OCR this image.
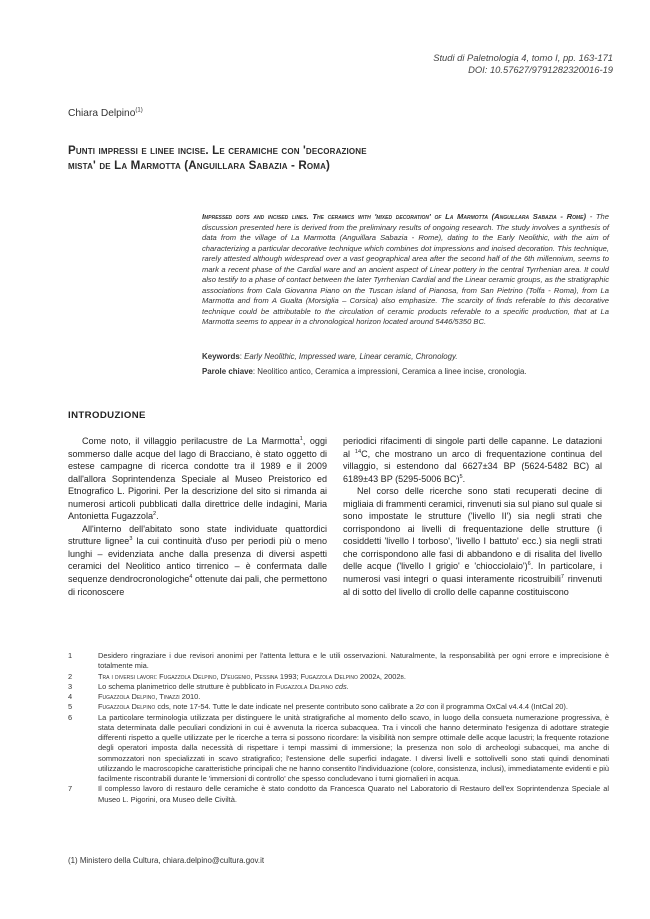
Studi di Paletnologia 4, tomo I, pp. 163-171
DOI: 10.57627/9791282320016-19
Chiara Delpino$^{(1)}$
Punti impressi e linee incise. Le ceramiche con 'decorazione
mista' de La Marmotta (Anguillara Sabazia - Roma)
Impressed dots and incised lines. The ceramics with 'mixed decoration' of La Marmotta (Anguillara Sabazia - Rome) - The discussion presented here is derived from the preliminary results of ongoing research. The study involves a synthesis of data from the village of La Marmotta (Anguillara Sabazia - Rome), dating to the Early Neolithic, with the aim of characterizing a particular decorative technique which combines dot impressions and incised decoration. This technique, rarely attested although widespread over a vast geographical area after the second half of the 6th millennium, seems to mark a recent phase of the Cardial ware and an ancient aspect of Linear pottery in the central Tyrrhenian area. It could also testify to a phase of contact between the later Tyrrhenian Cardial and the Linear ceramic groups, as the stratigraphic associations from Cala Giovanna Piano on the Tuscan island of Pianosa, from San Pietrino (Tolfa - Roma), from La Marmotta and from A Gualta (Morsiglia – Corsica) also emphasize. The scarcity of finds referable to this decorative technique could be attributable to the circulation of ceramic products referable to a specific production, that at La Marmotta seems to appear in a chronological horizon located around 5446/5350 BC.
Keywords: Early Neolithic, Impressed ware, Linear ceramic, Chronology.
Parole chiave: Neolitico antico, Ceramica a impressioni, Ceramica a linee incise, cronologia.
INTRODUZIONE

Come noto, il villaggio perilacustre de La Marmotta$^1$, oggi sommerso dalle acque del lago di Bracciano, è stato oggetto di estese campagne di ricerca condotte tra il 1989 e il 2009 dall'allora Soprintendenza Speciale al Museo Preistorico ed Etnografico L. Pigorini. Per la descrizione del sito si rimanda ai numerosi articoli pubblicati dalla direttrice delle indagini, Maria Antonietta Fugazzola$^2$.

All'interno dell'abitato sono state individuate quattordici strutture lignee$^3$ la cui continuità d'uso per periodi più o meno lunghi – evidenziata anche dalla presenza di diversi aspetti ceramici del Neolitico antico tirrenico – è confermata dalle sequenze dendrocronologiche$^4$ ottenute dai pali, che permettono di riconoscere

periodici rifacimenti di singole parti delle capanne. Le datazioni al $^{14}$C, che mostrano un arco di frequentazione continua del villaggio, si estendono dal 6627±34 BP (5624-5482 BC) al 6189±43 BP (5295-5006 BC)$^5$.

Nel corso delle ricerche sono stati recuperati decine di migliaia di frammenti ceramici, rinvenuti sia sul piano sul quale si sono impostate le strutture ('livello II') sia negli strati che corrispondono ai livelli di frequentazione delle strutture (i cosiddetti 'livello I torboso', 'livello I battuto' ecc.) sia negli strati che corrispondono alle fasi di abbandono e di risalita del livello delle acque ('livello I grigio' e 'chiocciolaio')$^6$. In particolare, i numerosi vasi integri o quasi interamente ricostruibili$^7$ rinvenuti al di sotto del livello di crollo delle capanne costituiscono

1	Desidero ringraziare i due revisori anonimi per l'attenta lettura e le utili osservazioni. Naturalmente, la responsabilità per ogni errore e imprecisione è totalmente mia.
2	Tra i diversi lavori: Fugazzola Delpino, D'eugenio, Pessina 1993; Fugazzola Delpino 2002a, 2002b.
3	Lo schema planimetrico delle strutture è pubblicato in Fugazzola Delpino cds.
4	Fugazzola Delpino, Tinazzi 2010.
5	Fugazzola Delpino cds, note 17-54. Tutte le date indicate nel presente contributo sono calibrate a 2σ con il programma OxCal v4.4.4 (IntCal 20).
6	La particolare terminologia utilizzata per distinguere le unità stratigrafiche al momento dello scavo, in luogo della consueta numerazione progressiva, è stata determinata dalle peculiari condizioni in cui è avvenuta la ricerca subacquea. Tra i vincoli che hanno determinato l'esigenza di adottare strategie differenti rispetto a quelle utilizzate per le ricerche a terra si possono ricordare: la visibilità non sempre ottimale delle acque lacustri; la frequente rotazione degli operatori imposta dalla necessità di rispettare i tempi massimi di immersione; la presenza non solo di archeologi subacquei, ma anche di sommozzatori non specializzati in scavo stratigrafico; l'estensione delle superfici indagate. I diversi livelli e sottolivelli sono stati quindi denominati utilizzando le macroscopiche caratteristiche principali che ne hanno consentito l'individuazione (colore, consistenza, inclusi), immediatamente evidenti e più facilmente riscontrabili durante le 'immersioni di controllo' che spesso concludevano i turni giornalieri in acqua.
7	Il complesso lavoro di restauro delle ceramiche è stato condotto da Francesca Quarato nel Laboratorio di Restauro dell'ex Soprintendenza Speciale al Museo L. Pigorini, ora Museo delle Civiltà.
(1) Ministero della Cultura, chiara.delpino@cultura.gov.it
